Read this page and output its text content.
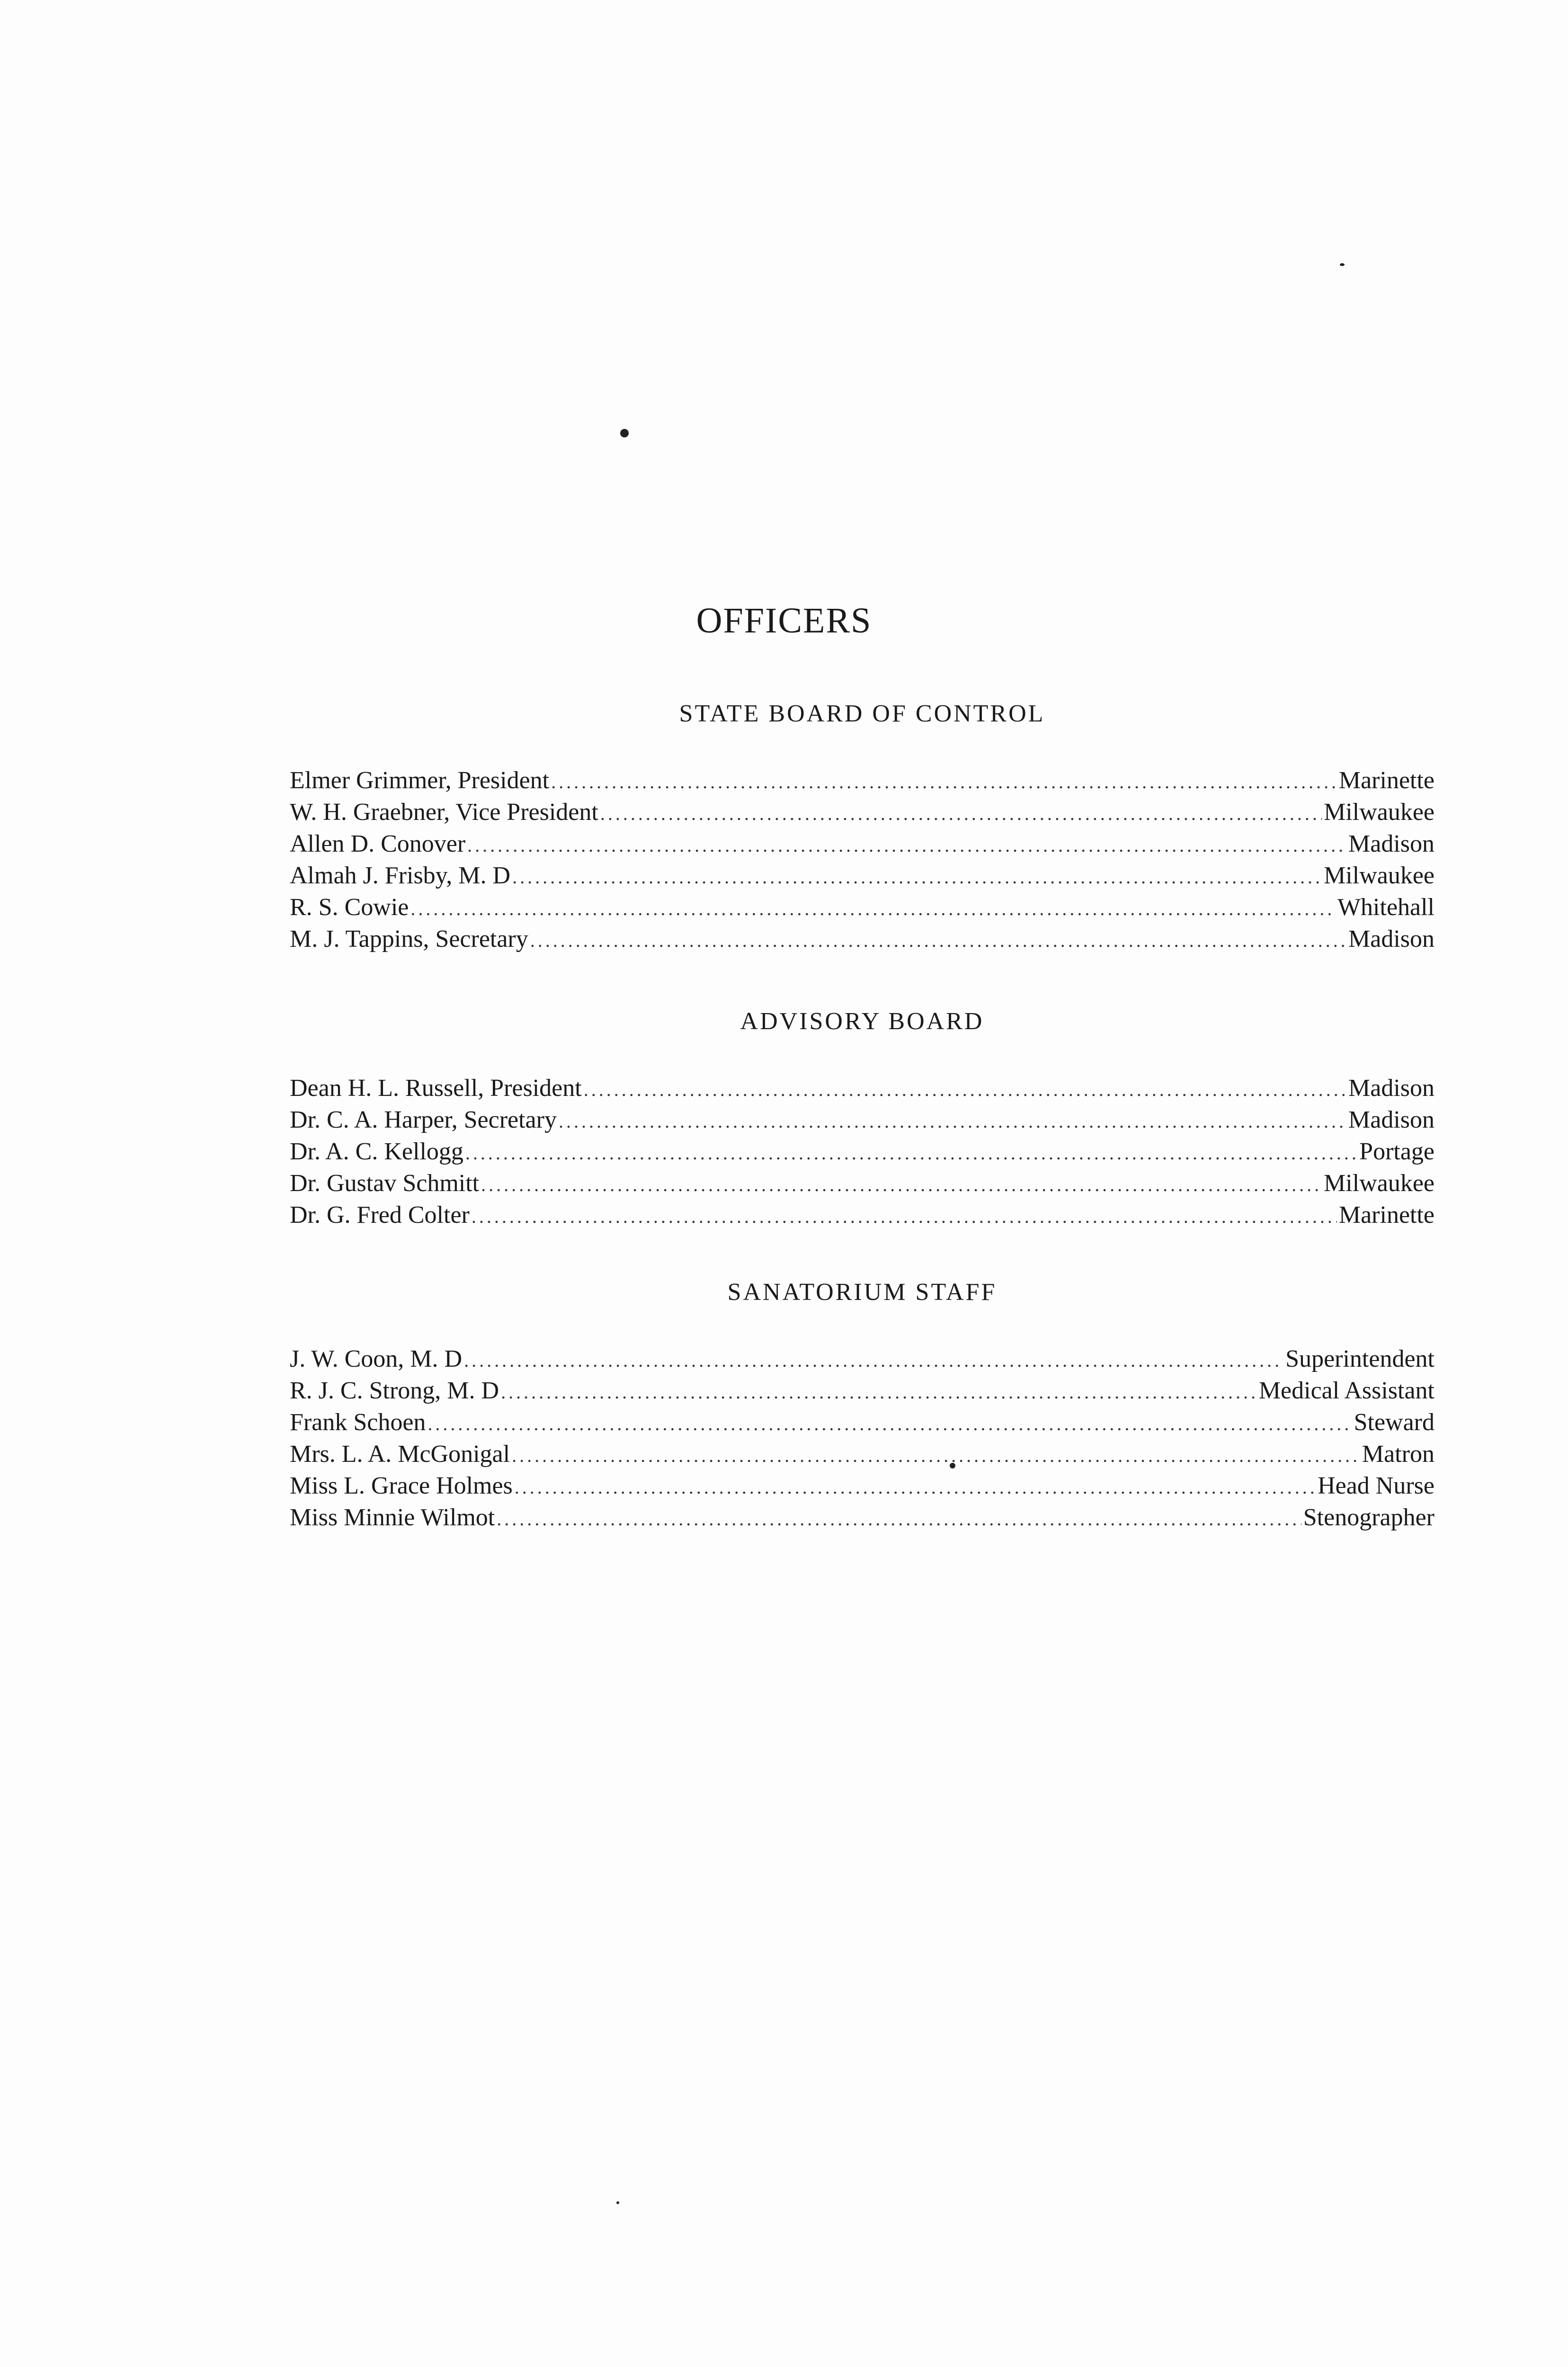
OFFICERS
STATE BOARD OF CONTROL
Elmer Grimmer, President .....	Marinette
W. H. Graebner, Vice President .....	Milwaukee
Allen D. Conover .....	Madison
Almah J. Frisby, M. D .....	Milwaukee
R. S. Cowie .....	Whitehall
M. J. Tappins, Secretary .....	Madison
ADVISORY BOARD
Dean H. L. Russell, President .....	Madison
Dr. C. A. Harper, Secretary .....	Madison
Dr. A. C. Kellogg .....	Portage
Dr. Gustav Schmitt .....	Milwaukee
Dr. G. Fred Colter .....	Marinette
SANATORIUM STAFF
J. W. Coon, M. D .....	Superintendent
R. J. C. Strong, M. D .....	Medical Assistant
Frank Schoen .....	Steward
Mrs. L. A. McGonigal .....	Matron
Miss L. Grace Holmes .....	Head Nurse
Miss Minnie Wilmot .....	Stenographer
